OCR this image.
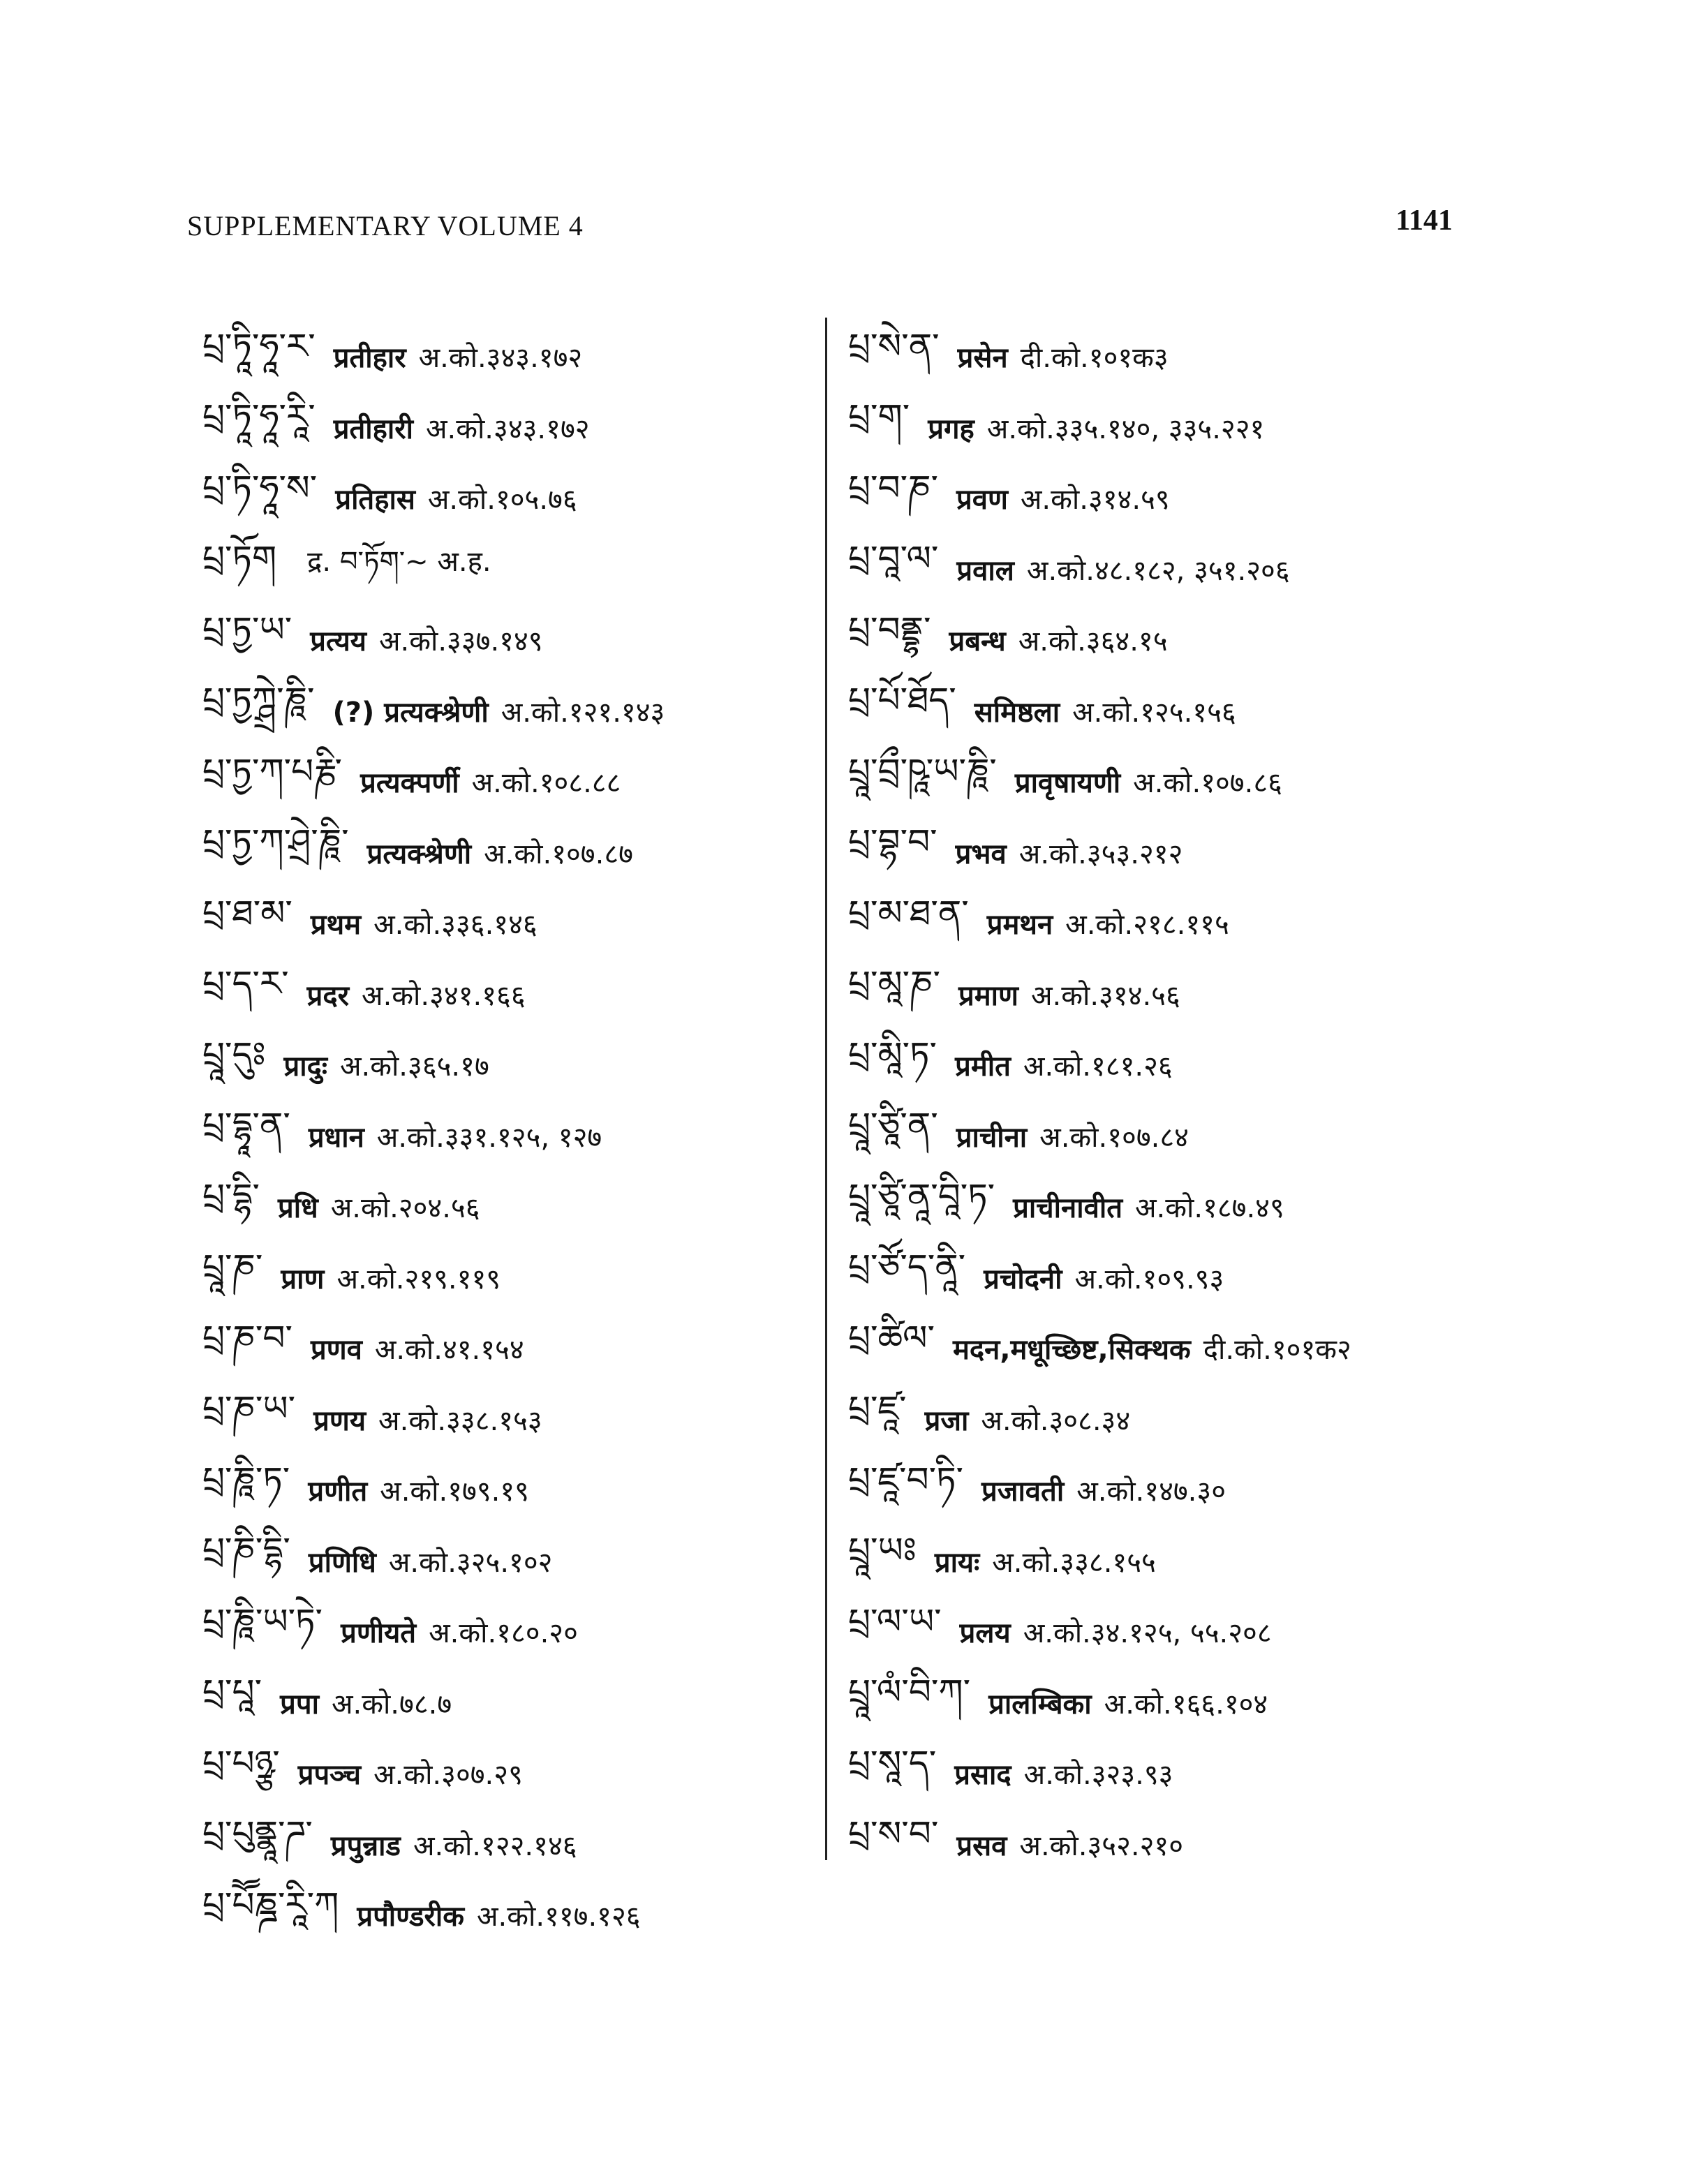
SUPPLEMENTARY VOLUME 4	1141
པྲ་ཏཱི་ཧཱ་ར་ प्रतीहार अ.को.३४३.१७२
པྲ་ཏཱི་ཧཱ་རཱི་ प्रतीहारी अ.को.३४३.१७२
པྲ་ཏི་ཧཱ་ས་ प्रतिहास अ.को.१०५.७६
པྲ་ཏོག द्र. བ་ཏོག་~ अ.ह.
པྲ་ཏྱ་ཡ་ प्रत्यय अ.को.३३७.१४९
པྲ་ཏྱཀྴྲེ་ཎཱི་ (?) प्रत्यक्श्रेणी अ.को.१२१.१४३
པྲ་ཏྱ་ཀ་པརྞི་ प्रत्यक्पर्णी अ.को.१०८.८८
པྲ་ཏྱ་ཀ་ཤྲེ་ཎཱི་ प्रत्यक्श्रेणी अ.को.१०७.८७
པྲ་ཐ་མ་ प्रथम अ.को.३३६.१४६
པྲ་ད་ར་ प्रदर अ.को.३४१.१६६
པྲཱ་དུཿ प्रादुः अ.को.३६५.१७
པྲ་དྷཱ་ན་ प्रधान अ.को.३३१.१२५, १२७
པྲ་དྷི་ प्रधि अ.को.२०४.५६
པྲཱ་ཎ་ प्राण अ.को.२१९.११९
པྲ་ཎ་བ་ प्रणव अ.को.४१.१५४
པྲ་ཎ་ཡ་ प्रणय अ.को.३३८.१५३
པྲ་ཎཱི་ཏ་ प्रणीत अ.को.१७९.१९
པྲ་ཎི་དྷི་ प्रणिधि अ.को.३२५.१०२
པྲ་ཎཱི་ཡ་ཏེ་ प्रणीयते अ.को.१८०.२०
པྲ་པཱ་ प्रपा अ.को.७८.७
པྲ་པཉྩ་ प्रपञ्च अ.को.३०७.२९
པྲ་པུནྣཱ་ཌ་ प्रपुन्नाड अ.को.१२२.१४६
པྲ་པཽཎྜ་རཱི་ཀ प्रपौण्डरीक अ.को.११७.१२६
པྲ་སེ་ན་ प्रसेन दी.को.१०१क३
པྲ་ག་ प्रगह अ.को.३३५.१४०, ३३५.२२१
པྲ་བ་ཎ་ प्रवण अ.को.३१४.५९
པྲ་བཱ་ལ་ प्रवाल अ.को.४८.१८२, ३५१.२०६
པྲ་བནྡྷ་ प्रबन्ध अ.को.३६४.१५
པྲ་པོ་ཐོད་ समिष्ठला अ.को.१२५.१५६
པྲཱ་བྲྀ་ཥཱ་ཡ་ཎཱི་ प्रावृषायणी अ.को.१०७.८६
པྲ་བྷ་བ་ प्रभव अ.को.३५३.२१२
པྲ་མ་ཐ་ན་ प्रमथन अ.को.२१८.११५
པྲ་མཱ་ཎ་ प्रमाण अ.को.३१४.५६
པྲ་མཱི་ཏ་ प्रमीत अ.को.१८१.२६
པྲཱ་ཙཱི་ན་ प्राचीना अ.को.१०७.८४
པྲཱ་ཙཱི་ནཱ་བཱི་ཏ་ प्राचीनावीत अ.को.१८७.४९
པྲ་ཙོ་ད་ནཱི་ प्रचोदनी अ.को.१०९.९३
པྲ་ཚིལ་ मदन,मधूच्छिष्ट,सिक्थक दी.को.१०१क२
པྲ་ཛཱ་ प्रजा अ.को.३०८.३४
པྲ་ཛཱ་བ་ཏི་ प्रजावती अ.को.१४७.३०
པྲཱ་ཡཿ प्रायः अ.को.३३८.१५५
པྲ་ལ་ཡ་ प्रलय अ.को.३४.१२५, ५५.२०८
པྲཱ་ལཾ་བི་ཀ་ प्रालम्बिका अ.को.१६६.१०४
པྲ་སཱ་ད་ प्रसाद अ.को.३२३.९३
པྲ་ས་བ་ प्रसव अ.को.३५२.२१०
